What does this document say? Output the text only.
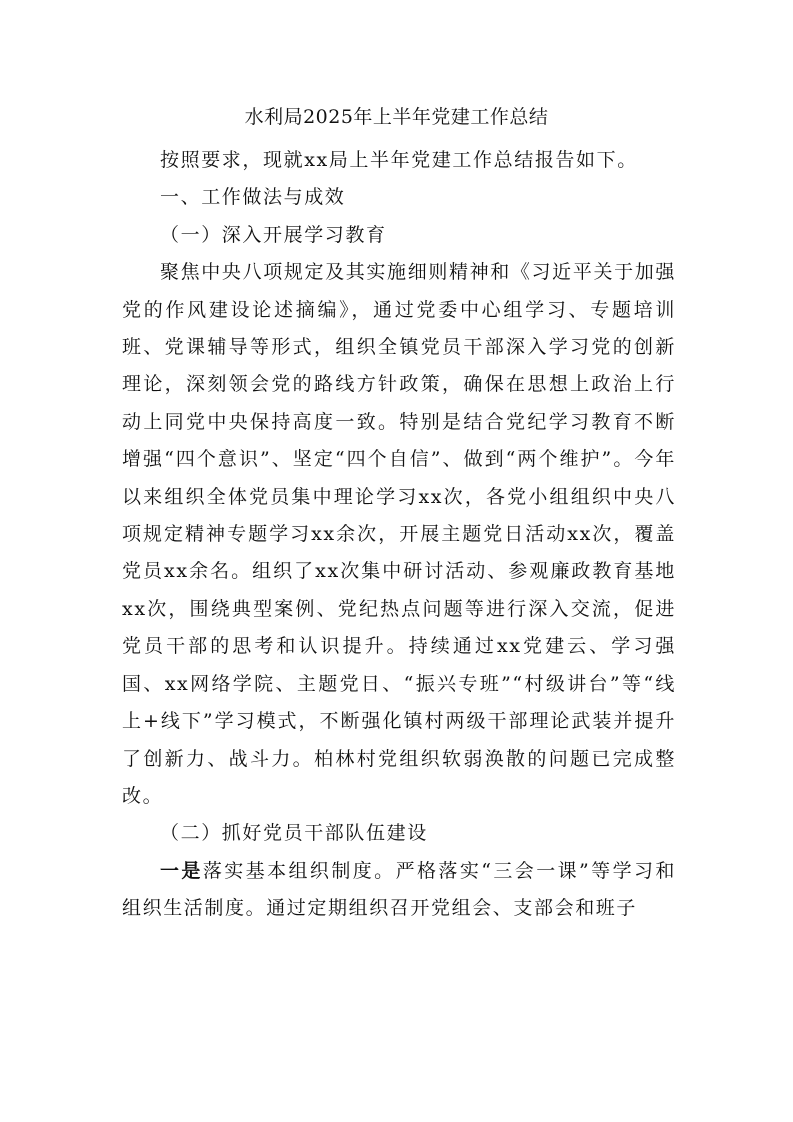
水利局2025年上半年党建工作总结

按照要求，现就xx局上半年党建工作总结报告如下。

一、工作做法与成效

（一）深入开展学习教育

聚焦中央八项规定及其实施细则精神和《习近平关于加强党的作风建设论述摘编》，通过党委中心组学习、专题培训班、党课辅导等形式，组织全镇党员干部深入学习党的创新理论，深刻领会党的路线方针政策，确保在思想上政治上行动上同党中央保持高度一致。特别是结合党纪学习教育不断增强“四个意识”、坚定“四个自信”、做到“两个维护”。今年以来组织全体党员集中理论学习xx次，各党小组组织中央八项规定精神专题学习xx余次，开展主题党日活动xx次，覆盖党员xx余名。组织了xx次集中研讨活动、参观廉政教育基地xx次，围绕典型案例、党纪热点问题等进行深入交流，促进党员干部的思考和认识提升。持续通过xx党建云、学习强国、xx网络学院、主题党日、“振兴专班”“村级讲台”等“线上+线下”学习模式，不断强化镇村两级干部理论武装并提升了创新力、战斗力。柏林村党组织软弱涣散的问题已完成整改。

（二）抓好党员干部队伍建设

一是落实基本组织制度。严格落实“三会一课”等学习和组织生活制度。通过定期组织召开党组会、支部会和班子
